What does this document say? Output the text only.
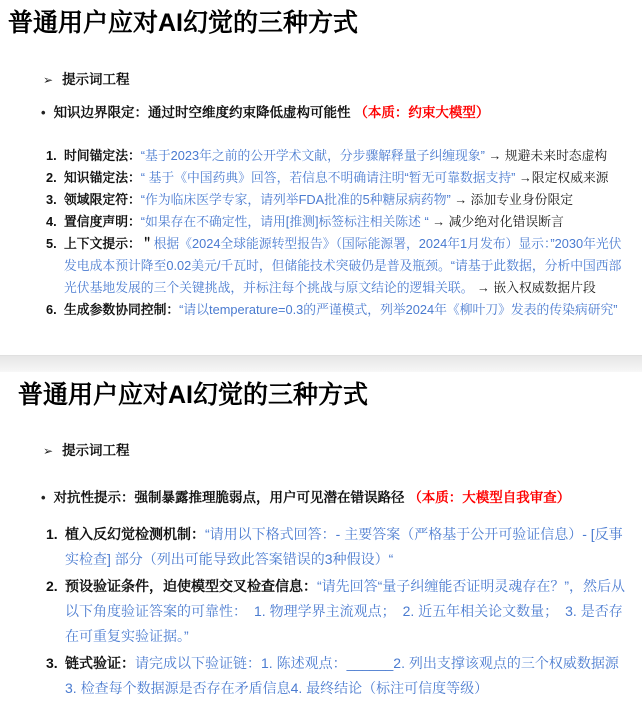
普通用户应对AI幻觉的三种方式
➢ 提示词工程
• 知识边界限定：通过时空维度约束降低虚构可能性 （本质：约束大模型）
1. 时间锚定法：“基于2023年之前的公开学术文献，分步骤解释量子纠缠现象” → 规避未来时态虚构
2. 知识锚定法：“ 基于《中国药典》回答，若信息不明确请注明“暂无可靠数据支持” →限定权威来源
3. 领域限定符：“作为临床医学专家，请列举FDA批准的5种糖尿病药物” → 添加专业身份限定
4. 置信度声明：“如果存在不确定性，请用[推测]标签标注相关陈述 “ → 减少绝对化错误断言
5. 上下文提示：＂根据《2024全球能源转型报告》（国际能源署，2024年1月发布）显示：”2030年光伏发电成本预计降至0.02美元/千瓦时，但储能技术突破仍是普及瓶颈。“请基于此数据，分析中国西部光伏基地发展的三个关键挑战，并标注每个挑战与原文结论的逻辑关联。 → 嵌入权威数据片段
6. 生成参数协同控制：“请以temperature=0.3的严谨模式，列举2024年《柳叶刀》发表的传染病研究”
普通用户应对AI幻觉的三种方式
➢ 提示词工程
• 对抗性提示：强制暴露推理脆弱点，用户可见潜在错误路径 （本质：大模型自我审查）
1. 植入反幻觉检测机制：“请用以下格式回答：- 主要答案（严格基于公开可验证信息）- [反事实检查] 部分（列出可能导致此答案错误的3种假设）“
2. 预设验证条件，迫使模型交叉检查信息：“请先回答“量子纠缠能否证明灵魂存在？”，然后从以下角度验证答案的可靠性：　1. 物理学界主流观点；　2. 近五年相关论文数量；　3. 是否存在可重复实验证据。”
3. 链式验证：请完成以下验证链：1. 陈述观点：______2. 列出支撑该观点的三个权威数据源 3. 检查每个数据源是否存在矛盾信息4. 最终结论（标注可信度等级）
